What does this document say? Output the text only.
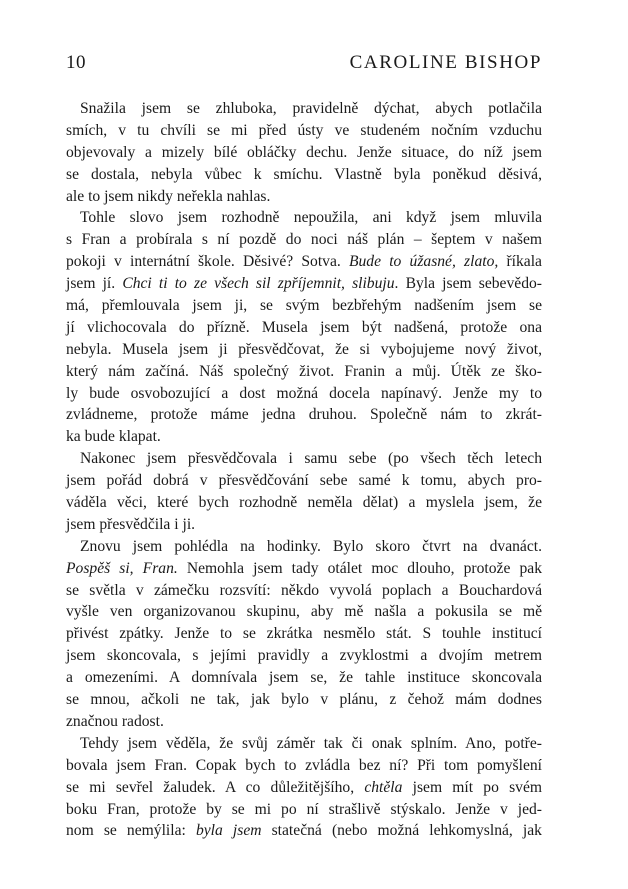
10	CAROLINE BISHOP
Snažila jsem se zhluboka, pravidelně dýchat, abych potlačila
smích, v tu chvíli se mi před ústy ve studeném nočním vzduchu
objevovaly a mizely bílé obláčky dechu. Jenže situace, do níž jsem
se dostala, nebyla vůbec k smíchu. Vlastně byla poněkud děsivá,
ale to jsem nikdy neřekla nahlas.
Tohle slovo jsem rozhodně nepoužila, ani když jsem mluvila
s Fran a probírala s ní pozdě do noci náš plán – šeptem v našem
pokoji v internátní škole. Děsivé? Sotva. Bude to úžasné, zlato, říkala
jsem jí. Chci ti to ze všech sil zpříjemnit, slibuju. Byla jsem sebevědo-
má, přemlouvala jsem ji, se svým bezbřehým nadšením jsem se
jí vlichocovala do přízně. Musela jsem být nadšená, protože ona
nebyla. Musela jsem ji přesvědčovat, že si vybojujeme nový život,
který nám začíná. Náš společný život. Franin a můj. Útěk ze ško-
ly bude osvobozující a dost možná docela napínavý. Jenže my to
zvládneme, protože máme jedna druhou. Společně nám to zkrát-
ka bude klapat.
Nakonec jsem přesvědčovala i samu sebe (po všech těch letech
jsem pořád dobrá v přesvědčování sebe samé k tomu, abych pro-
váděla věci, které bych rozhodně neměla dělat) a myslela jsem, že
jsem přesvědčila i ji.
Znovu jsem pohlédla na hodinky. Bylo skoro čtvrt na dvanáct.
Pospěš si, Fran. Nemohla jsem tady otálet moc dlouho, protože pak
se světla v zámečku rozsvítí: někdo vyvolá poplach a Bouchardová
vyšle ven organizovanou skupinu, aby mě našla a pokusila se mě
přivést zpátky. Jenže to se zkrátka nesmělo stát. S touhle institucí
jsem skoncovala, s jejími pravidly a zvyklostmi a dvojím metrem
a omezeními. A domnívala jsem se, že tahle instituce skoncovala
se mnou, ačkoli ne tak, jak bylo v plánu, z čehož mám dodnes
značnou radost.
Tehdy jsem věděla, že svůj záměr tak či onak splním. Ano, potře-
bovala jsem Fran. Copak bych to zvládla bez ní? Při tom pomyšlení
se mi sevřel žaludek. A co důležitějšího, chtěla jsem mít po svém
boku Fran, protože by se mi po ní strašlivě stýskalo. Jenže v jed-
nom se nemýlila: byla jsem statečná (nebo možná lehkomyslná, jak
